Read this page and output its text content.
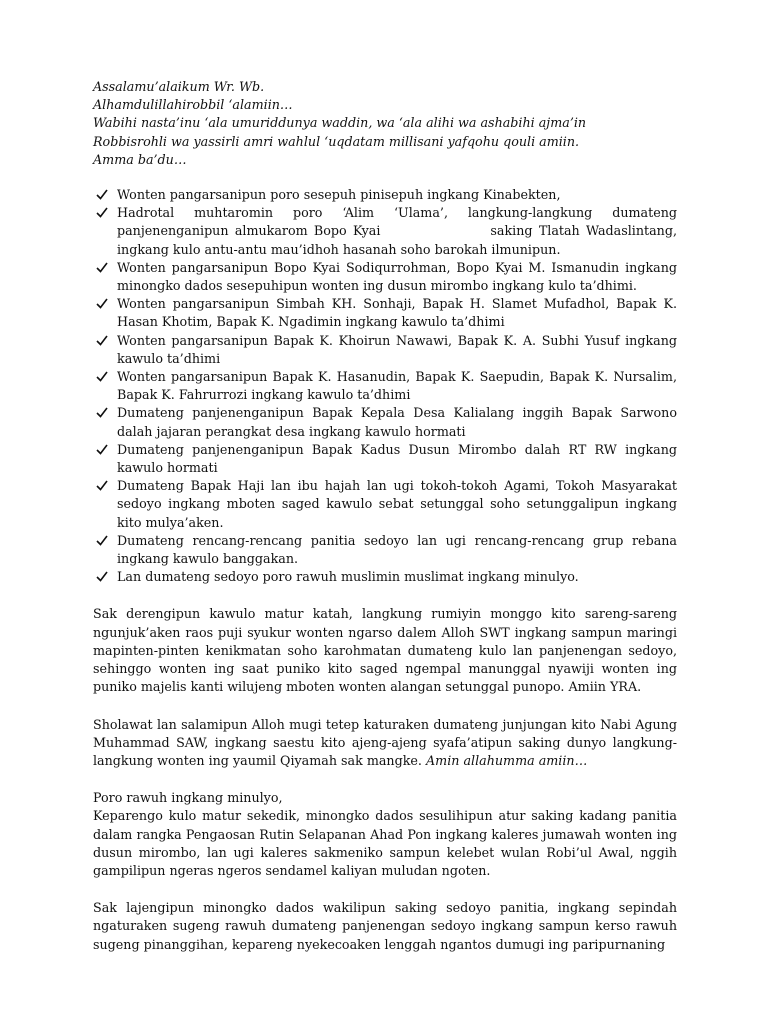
Assalamu’alaikum Wr. Wb.

Alhamdulillahirobbil ‘alamiin…

Wabihi nasta’inu ‘ala umuriddunya waddin, wa ‘ala alihi wa ashabihi ajma’in

Robbisrohli wa yassirli amri wahlul ‘uqdatam millisani yafqohu qouli amiin.

Amma ba’du…

Wonten pangarsanipun poro sesepuh pinisepuh ingkang Kinabekten,
Hadrotal muhtaromin poro ‘Alim ‘Ulama’, langkung-langkung dumateng panjenenganipun almukarom Bopo Kyai	saking Tlatah Wadaslintang, ingkang kulo antu-antu mau’idhoh hasanah soho barokah ilmunipun.
Wonten pangarsanipun Bopo Kyai Sodiqurrohman, Bopo Kyai M. Ismanudin ingkang minongko dados sesepuhipun wonten ing dusun mirombo ingkang kulo ta’dhimi.
Wonten pangarsanipun Simbah KH. Sonhaji, Bapak H. Slamet Mufadhol, Bapak K. Hasan Khotim, Bapak K. Ngadimin ingkang kawulo ta’dhimi
Wonten pangarsanipun Bapak K. Khoirun Nawawi, Bapak K. A. Subhi Yusuf ingkang kawulo ta’dhimi
Wonten pangarsanipun Bapak K. Hasanudin, Bapak K. Saepudin, Bapak K. Nursalim, Bapak K. Fahrurrozi ingkang kawulo ta’dhimi
Dumateng panjenenganipun Bapak Kepala Desa Kalialang inggih Bapak Sarwono dalah jajaran perangkat desa ingkang kawulo hormati
Dumateng panjenenganipun Bapak Kadus Dusun Mirombo dalah RT RW ingkang kawulo hormati
Dumateng Bapak Haji lan ibu hajah lan ugi tokoh-tokoh Agami, Tokoh Masyarakat sedoyo ingkang mboten saged kawulo sebat setunggal soho setunggalipun ingkang kito mulya’aken.
Dumateng rencang-rencang panitia sedoyo lan ugi rencang-rencang grup rebana ingkang kawulo banggakan.
Lan dumateng sedoyo poro rawuh muslimin muslimat ingkang minulyo.

Sak derengipun kawulo matur katah, langkung rumiyin monggo kito sareng-sareng ngunjuk’aken raos puji syukur wonten ngarso dalem Alloh SWT ingkang sampun maringi mapinten-pinten kenikmatan soho karohmatan dumateng kulo lan panjenengan sedoyo, sehinggo wonten ing saat puniko kito saged ngempal manunggal nyawiji wonten ing puniko majelis kanti wilujeng mboten wonten alangan setunggal punopo. Amiin YRA.

Sholawat lan salamipun Alloh mugi tetep katuraken dumateng junjungan kito Nabi Agung Muhammad SAW, ingkang saestu kito ajeng-ajeng syafa’atipun saking dunyo langkung-langkung wonten ing yaumil Qiyamah sak mangke. Amin allahumma amiin…

Poro rawuh ingkang minulyo,

Keparengo kulo matur sekedik, minongko dados sesulihipun atur saking kadang panitia dalam rangka Pengaosan Rutin Selapanan Ahad Pon ingkang kaleres jumawah wonten ing dusun mirombo, lan ugi kaleres sakmeniko sampun kelebet wulan Robi’ul Awal, nggih gampilipun ngeras ngeros sendamel kaliyan muludan ngoten.

Sak lajengipun minongko dados wakilipun saking sedoyo panitia, ingkang sepindah ngaturaken sugeng rawuh dumateng panjenengan sedoyo ingkang sampun kerso rawuh sugeng pinanggihan, kepareng nyekecoaken lenggah ngantos dumugi ing paripurnaning
